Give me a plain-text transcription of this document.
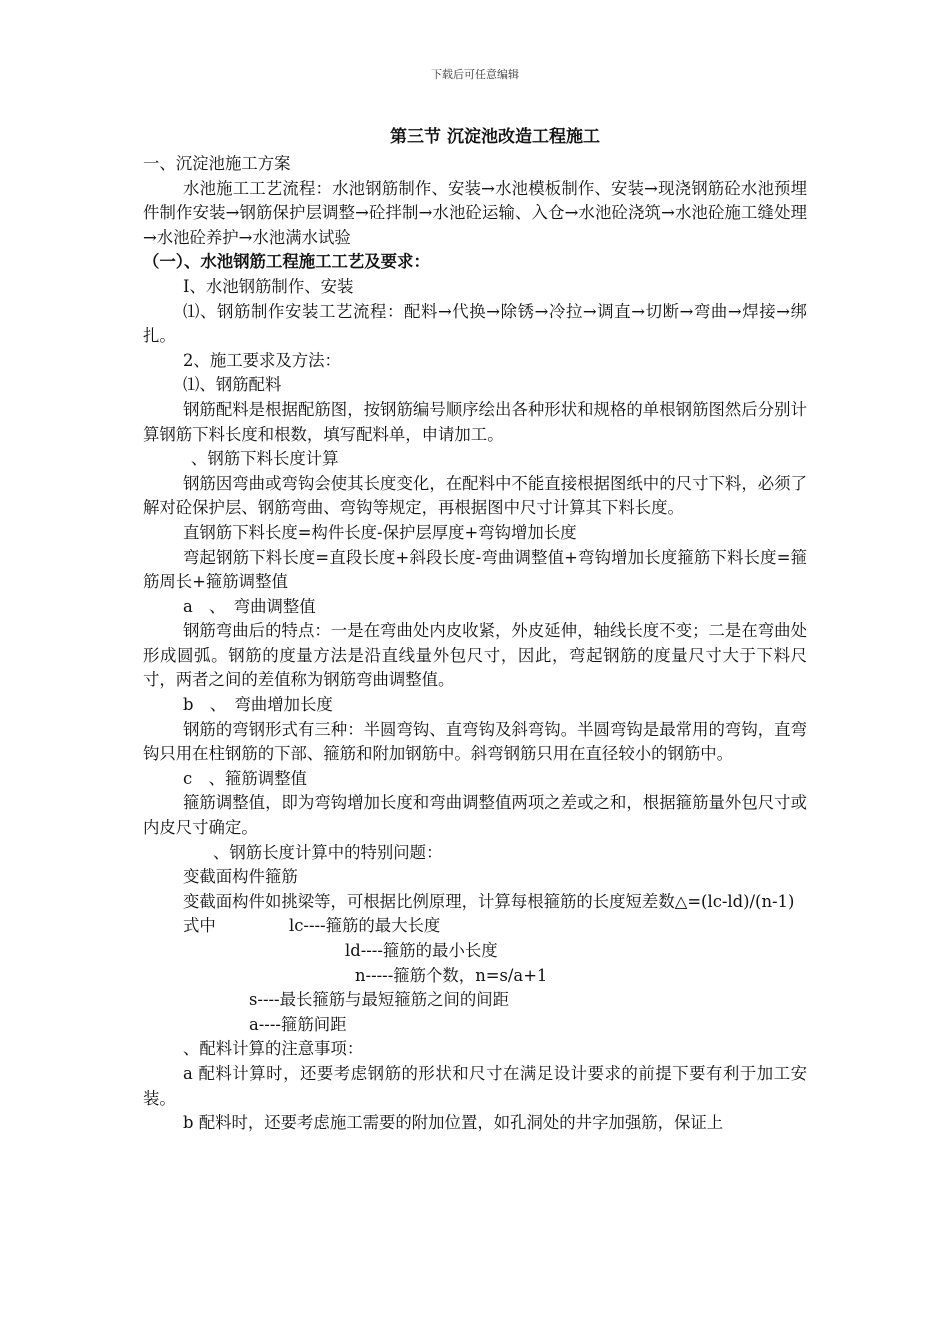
下载后可任意编辑
第三节 沉淀池改造工程施工
一、沉淀池施工方案
水池施工工艺流程：水池钢筋制作、安装→水池模板制作、安装→现浇钢筋砼水池预埋件制作安装→钢筋保护层调整→砼拌制→水池砼运输、入仓→水池砼浇筑→水池砼施工缝处理→水池砼养护→水池满水试验
（一）、水池钢筋工程施工工艺及要求：
I、水池钢筋制作、安装
⑴、钢筋制作安装工艺流程：配料→代换→除锈→冷拉→调直→切断→弯曲→焊接→绑扎。
2、施工要求及方法：
⑴、钢筋配料
钢筋配料是根据配筋图，按钢筋编号顺序绘出各种形状和规格的单根钢筋图然后分别计算钢筋下料长度和根数，填写配料单，申请加工。
、钢筋下料长度计算
钢筋因弯曲或弯钩会使其长度变化，在配料中不能直接根据图纸中的尺寸下料，必须了解对砼保护层、钢筋弯曲、弯钩等规定，再根据图中尺寸计算其下料长度。
直钢筋下料长度=构件长度-保护层厚度+弯钩增加长度
弯起钢筋下料长度=直段长度+斜段长度-弯曲调整值+弯钩增加长度箍筋下料长度=箍筋周长+箍筋调整值
a　、　弯曲调整值
钢筋弯曲后的特点：一是在弯曲处内皮收紧，外皮延伸，轴线长度不变；二是在弯曲处形成圆弧。钢筋的度量方法是沿直线量外包尺寸，因此，弯起钢筋的度量尺寸大于下料尺寸，两者之间的差值称为钢筋弯曲调整值。
b　、　弯曲增加长度
钢筋的弯钢形式有三种：半圆弯钩、直弯钩及斜弯钩。半圆弯钩是最常用的弯钩，直弯钩只用在柱钢筋的下部、箍筋和附加钢筋中。斜弯钢筋只用在直径较小的钢筋中。
c　、箍筋调整值
箍筋调整值，即为弯钩增加长度和弯曲调整值两项之差或之和，根据箍筋量外包尺寸或内皮尺寸确定。
、钢筋长度计算中的特别问题：
变截面构件箍筋
变截面构件如挑梁等，可根据比例原理，计算每根箍筋的长度短差数△=(lc-ld)/(n-1)
式中	lc----箍筋的最大长度
ld----箍筋的最小长度
n-----箍筋个数，n=s/a+1
s----最长箍筋与最短箍筋之间的间距
a----箍筋间距
、配料计算的注意事项：
a 配料计算时，还要考虑钢筋的形状和尺寸在满足设计要求的前提下要有利于加工安装。
b 配料时，还要考虑施工需要的附加位置，如孔洞处的井字加强筋，保证上
